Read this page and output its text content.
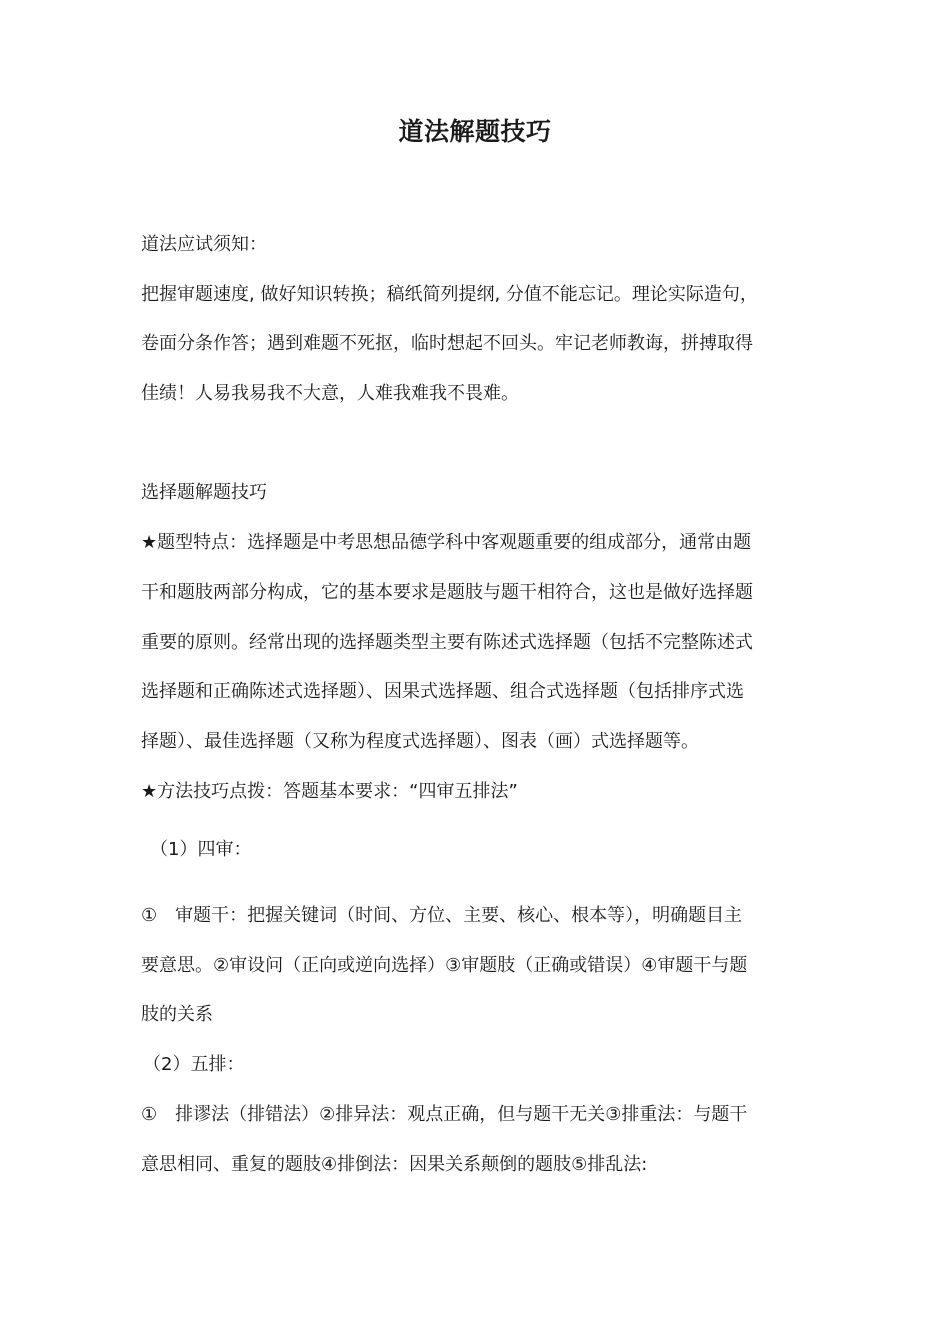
道法解题技巧
道法应试须知：
把握审题速度, 做好知识转换；稿纸简列提纲, 分值不能忘记。理论实际造句，
卷面分条作答；遇到难题不死抠，临时想起不回头。牢记老师教诲，拼搏取得
佳绩！人易我易我不大意，人难我难我不畏难。
选择题解题技巧
★题型特点：选择题是中考思想品德学科中客观题重要的组成部分，通常由题
干和题肢两部分构成，它的基本要求是题肢与题干相符合，这也是做好选择题
重要的原则。经常出现的选择题类型主要有陈述式选择题（包括不完整陈述式
选择题和正确陈述式选择题）、因果式选择题、组合式选择题（包括排序式选
择题）、最佳选择题（又称为程度式选择题）、图表（画）式选择题等。
★方法技巧点拨：答题基本要求：“四审五排法”
（1）四审：
①　审题干：把握关键词（时间、方位、主要、核心、根本等），明确题目主
要意思。②审设问（正向或逆向选择）③审题肢（正确或错误）④审题干与题
肢的关系
（2）五排：
①　排谬法（排错法）②排异法：观点正确，但与题干无关③排重法：与题干
意思相同、重复的题肢④排倒法：因果关系颠倒的题肢⑤排乱法:
